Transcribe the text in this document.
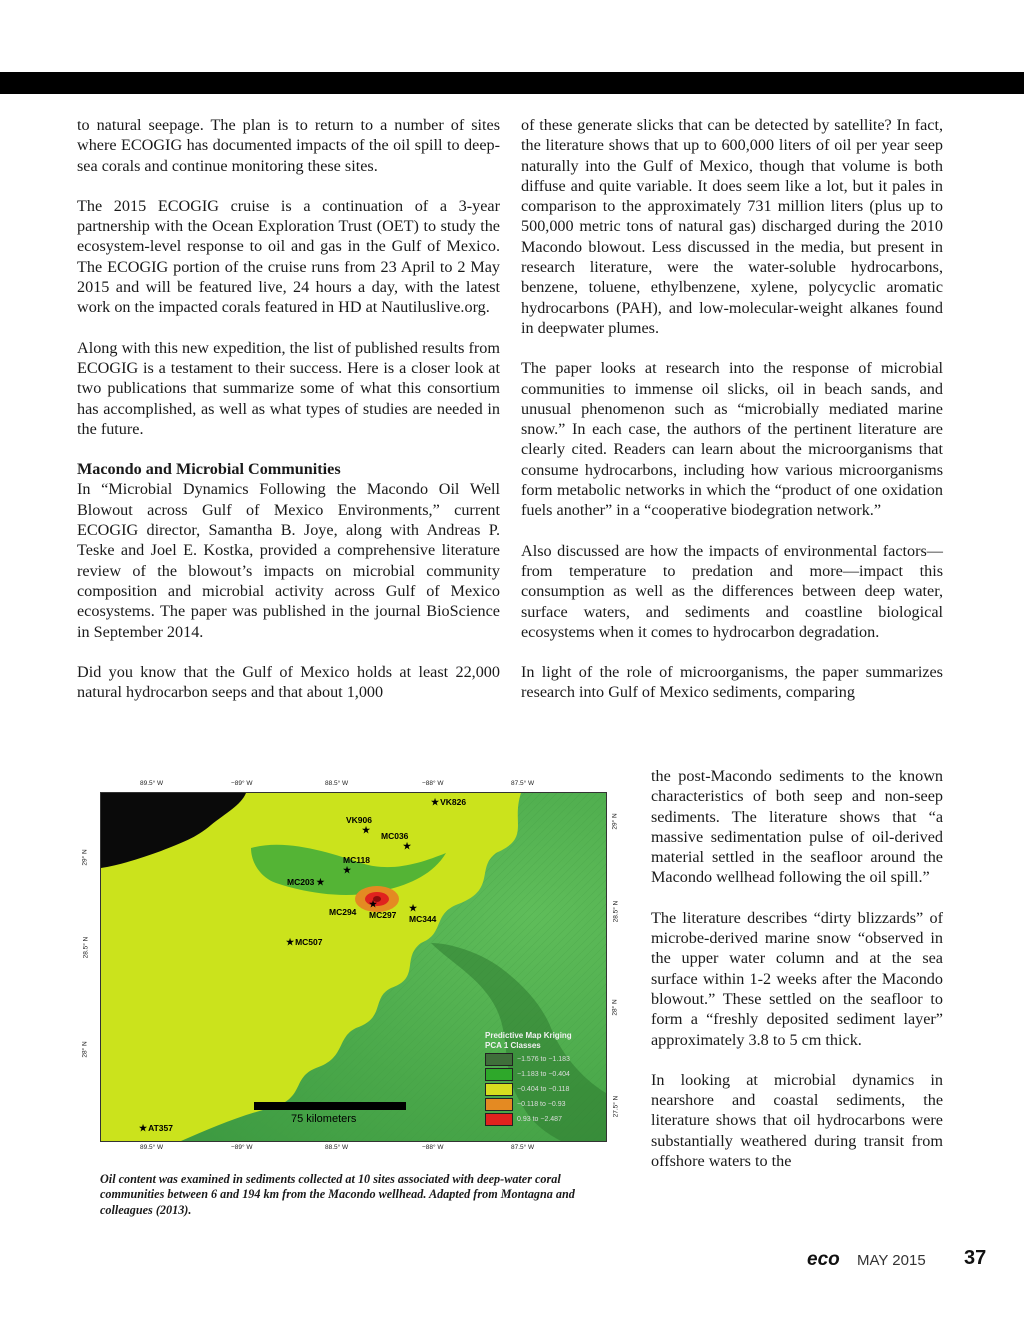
to natural seepage. The plan is to return to a number of sites where ECOGIG has documented impacts of the oil spill to deep-sea corals and continue monitoring these sites.

The 2015 ECOGIG cruise is a continuation of a 3-year partnership with the Ocean Exploration Trust (OET) to study the ecosystem-level response to oil and gas in the Gulf of Mexico. The ECOGIG portion of the cruise runs from 23 April to 2 May 2015 and will be featured live, 24 hours a day, with the latest work on the impacted corals featured in HD at Nautiluslive.org.

Along with this new expedition, the list of published results from ECOGIG is a testament to their success. Here is a closer look at two publications that summarize some of what this consortium has accomplished, as well as what types of studies are needed in the future.

Macondo and Microbial Communities

In “Microbial Dynamics Following the Macondo Oil Well Blowout across Gulf of Mexico Environments,” current ECOGIG director, Samantha B. Joye, along with Andreas P. Teske and Joel E. Kostka, provided a comprehensive literature review of the blowout’s impacts on microbial community composition and microbial activity across Gulf of Mexico ecosystems. The paper was published in the journal BioScience in September 2014.

Did you know that the Gulf of Mexico holds at least 22,000 natural hydrocarbon seeps and that about 1,000

of these generate slicks that can be detected by satellite? In fact, the literature shows that up to 600,000 liters of oil per year seep naturally into the Gulf of Mexico, though that volume is both diffuse and quite variable. It does seem like a lot, but it pales in comparison to the approximately 731 million liters (plus up to 500,000 metric tons of natural gas) discharged during the 2010 Macondo blowout. Less discussed in the media, but present in research literature, were the water-soluble hydrocarbons, benzene, toluene, ethylbenzene, xylene, polycyclic aromatic hydrocarbons (PAH), and low-molecular-weight alkanes found in deepwater plumes.

The paper looks at research into the response of microbial communities to immense oil slicks, oil in beach sands, and unusual phenomenon such as “microbially mediated marine snow.” In each case, the authors of the pertinent literature are clearly cited. Readers can learn about the microorganisms that consume hydrocarbons, including how various microorganisms form metabolic networks in which the “product of one oxidation fuels another” in a “cooperative biodegration network.”

Also discussed are how the impacts of environmental factors—from temperature to predation and more—impact this consumption as well as the differences between deep water, surface waters, and sediments and coastline biological ecosystems when it comes to hydrocarbon degradation.

In light of the role of microorganisms, the paper summarizes research into Gulf of Mexico sediments, comparing

the post-Macondo sediments to the known characteristics of both seep and non-seep sediments. The literature shows that “a massive sedimentation pulse of oil-derived material settled in the seafloor around the Macondo wellhead following the oil spill.”

The literature describes “dirty blizzards” of microbe-derived marine snow “observed in the upper water column and at the sea surface within 1-2 weeks after the Macondo blowout.” These settled on the seafloor to form a “freshly deposited sediment layer” approximately 3.8 to 5 cm thick.

In looking at microbial dynamics in nearshore and coastal sediments, the literature shows that oil hydrocarbons were substantially weathered during transit from offshore waters to the

89.5° W	−89° W	88.5° W	−88° W	87.5° W
89.5° W	−89° W	88.5° W	−88° W	87.5° W
29° N
28.5° N
28° N
29° N
28.5° N
28° N
27.5° N
75 kilometers
★VK826
VK906
★
MC036
★
MC118
★
MC203 ★
MC294
★
MC297
★
MC344
★MC507
★AT357
Predictive Map Kriging
PCA 1 Classes
−1.576 to −1.183
−1.183 to −0.404
−0.404 to −0.118
−0.118 to −0.93
0.93 to −2.487
Oil content was examined in sediments collected at 10 sites associated with deep-water coral communities between 6 and 194 km from the Macondo wellhead. Adapted from Montagna and colleagues (2013).
eco MAY 2015 37
